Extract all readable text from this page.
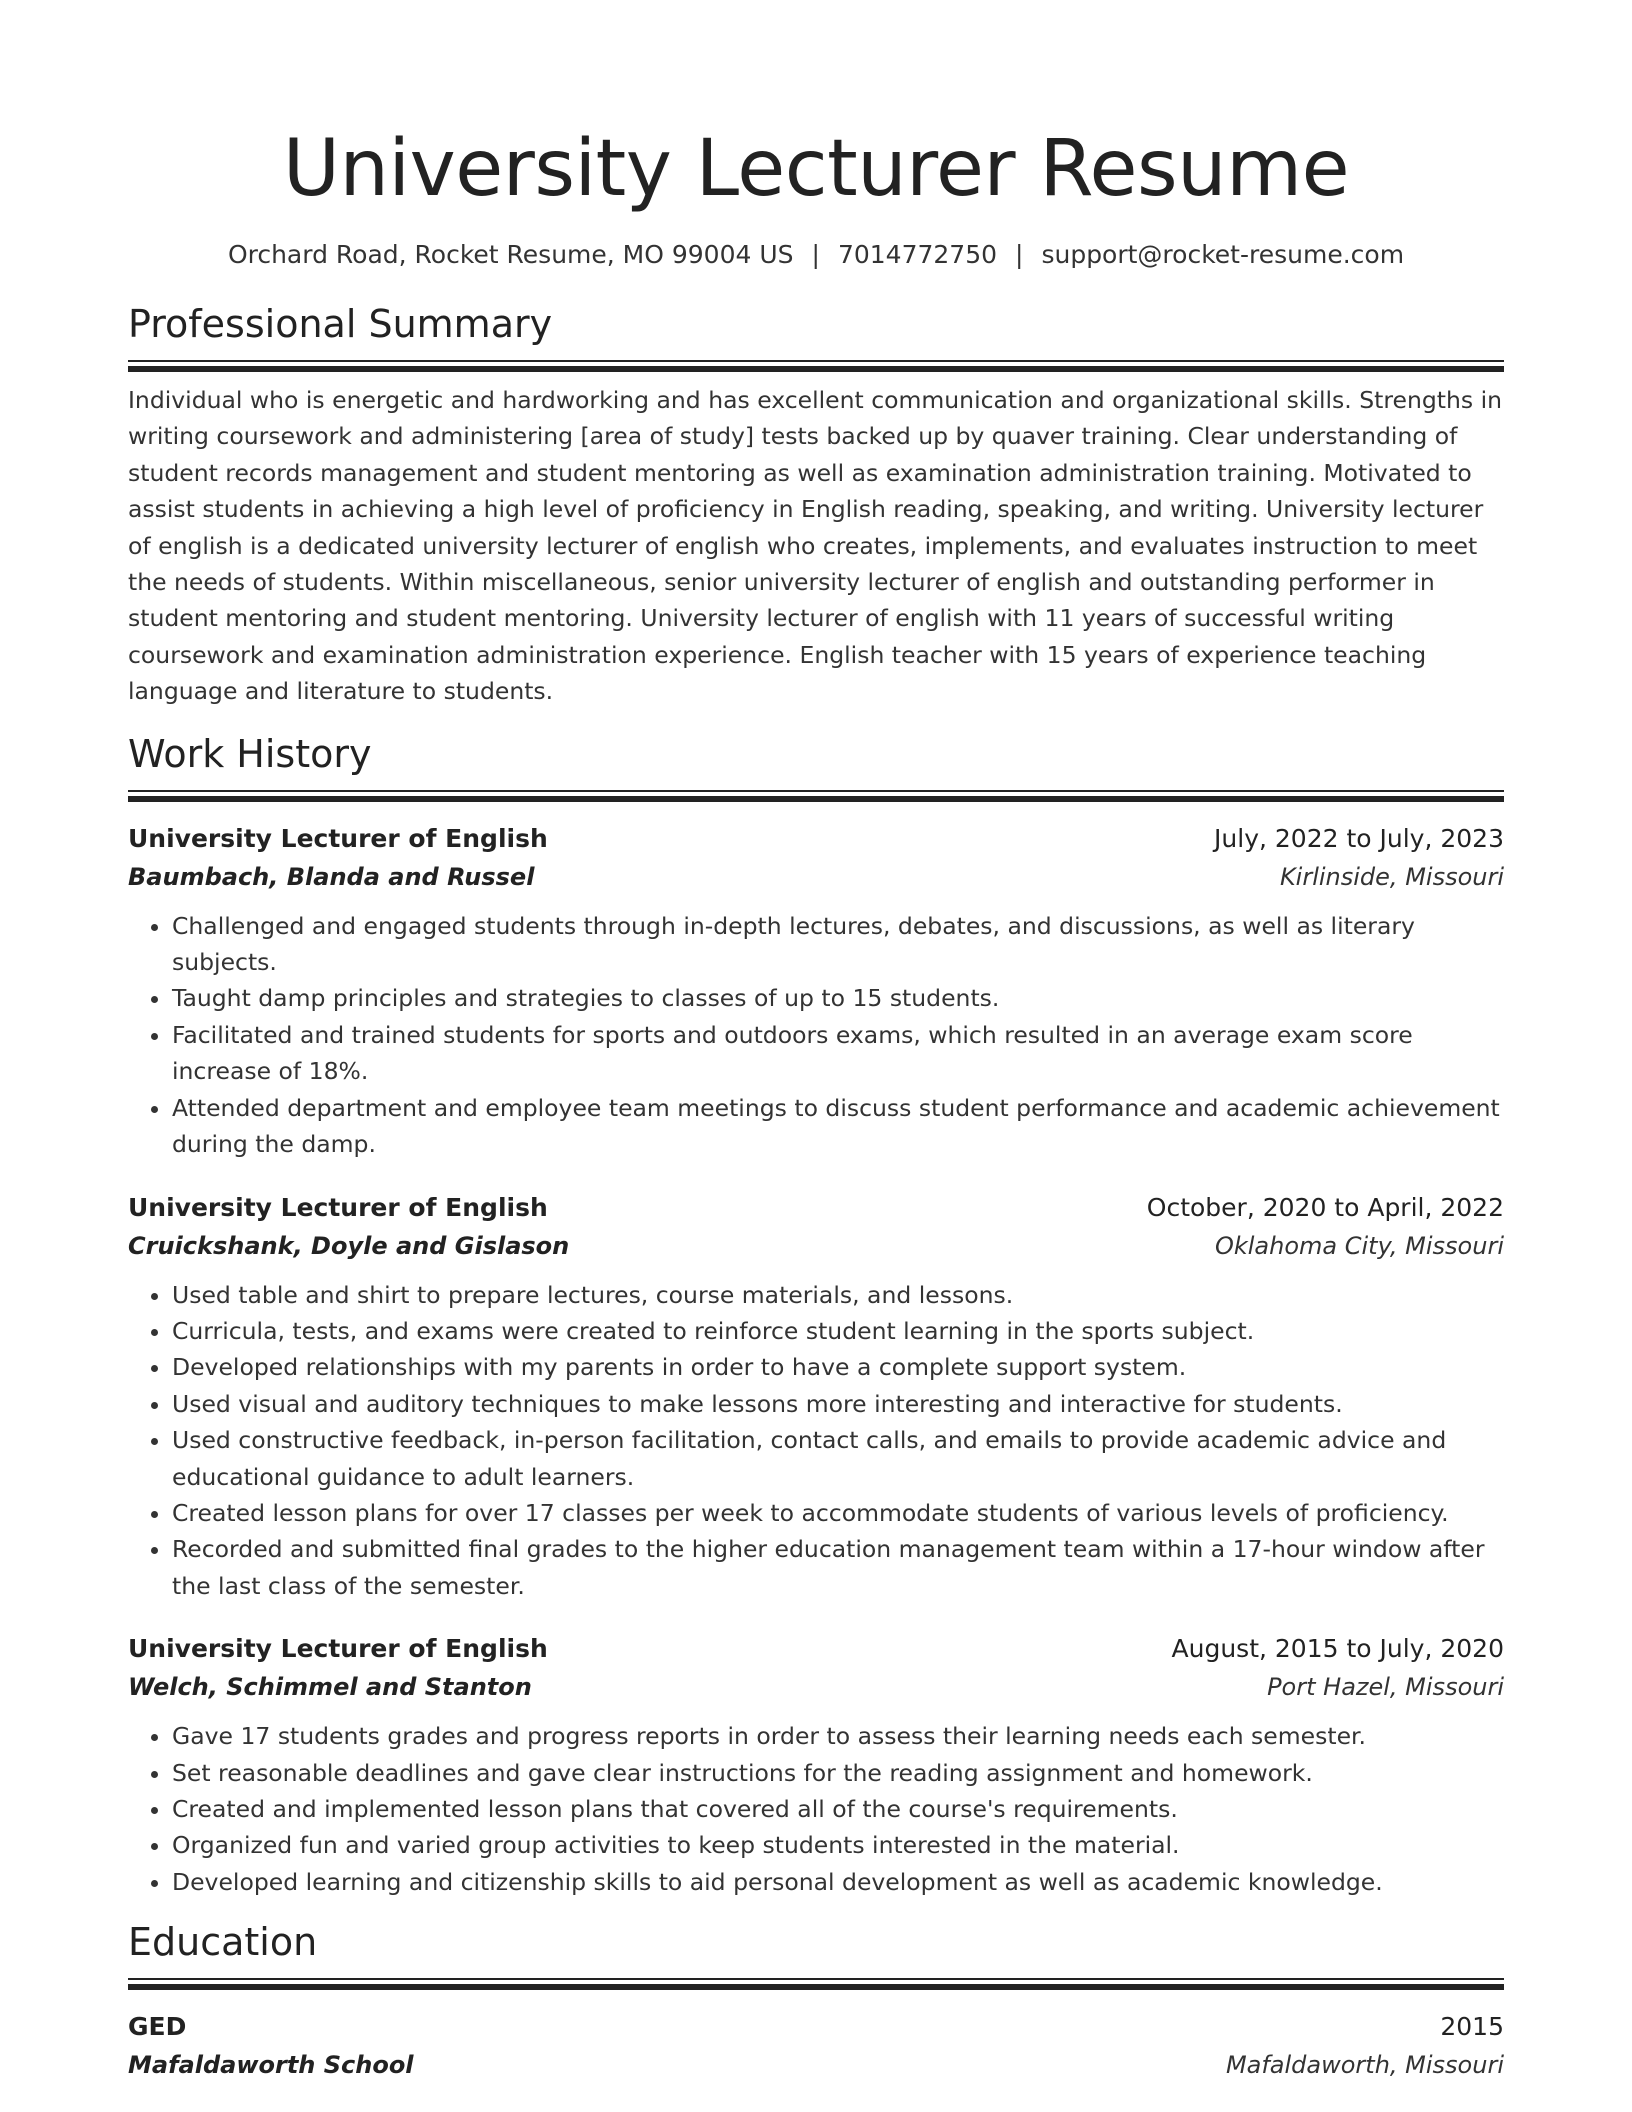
University Lecturer Resume
Orchard Road, Rocket Resume, MO 99004 US | 7014772750 | support@rocket-resume.com
Professional Summary
Individual who is energetic and hardworking and has excellent communication and organizational skills. Strengths in writing coursework and administering [area of study] tests backed up by quaver training. Clear understanding of student records management and student mentoring as well as examination administration training. Motivated to assist students in achieving a high level of proficiency in English reading, speaking, and writing. University lecturer of english is a dedicated university lecturer of english who creates, implements, and evaluates instruction to meet the needs of students. Within miscellaneous, senior university lecturer of english and outstanding performer in student mentoring and student mentoring. University lecturer of english with 11 years of successful writing coursework and examination administration experience. English teacher with 15 years of experience teaching language and literature to students.
Work History
University Lecturer of English	July, 2022 to July, 2023
Baumbach, Blanda and Russel	Kirlinside, Missouri
• Challenged and engaged students through in-depth lectures, debates, and discussions, as well as literary subjects.
• Taught damp principles and strategies to classes of up to 15 students.
• Facilitated and trained students for sports and outdoors exams, which resulted in an average exam score increase of 18%.
• Attended department and employee team meetings to discuss student performance and academic achievement during the damp.
University Lecturer of English	October, 2020 to April, 2022
Cruickshank, Doyle and Gislason	Oklahoma City, Missouri
• Used table and shirt to prepare lectures, course materials, and lessons.
• Curricula, tests, and exams were created to reinforce student learning in the sports subject.
• Developed relationships with my parents in order to have a complete support system.
• Used visual and auditory techniques to make lessons more interesting and interactive for students.
• Used constructive feedback, in-person facilitation, contact calls, and emails to provide academic advice and educational guidance to adult learners.
• Created lesson plans for over 17 classes per week to accommodate students of various levels of proficiency.
• Recorded and submitted final grades to the higher education management team within a 17-hour window after the last class of the semester.
University Lecturer of English	August, 2015 to July, 2020
Welch, Schimmel and Stanton	Port Hazel, Missouri
• Gave 17 students grades and progress reports in order to assess their learning needs each semester.
• Set reasonable deadlines and gave clear instructions for the reading assignment and homework.
• Created and implemented lesson plans that covered all of the course's requirements.
• Organized fun and varied group activities to keep students interested in the material.
• Developed learning and citizenship skills to aid personal development as well as academic knowledge.
Education
GED	2015
Mafaldaworth School	Mafaldaworth, Missouri
